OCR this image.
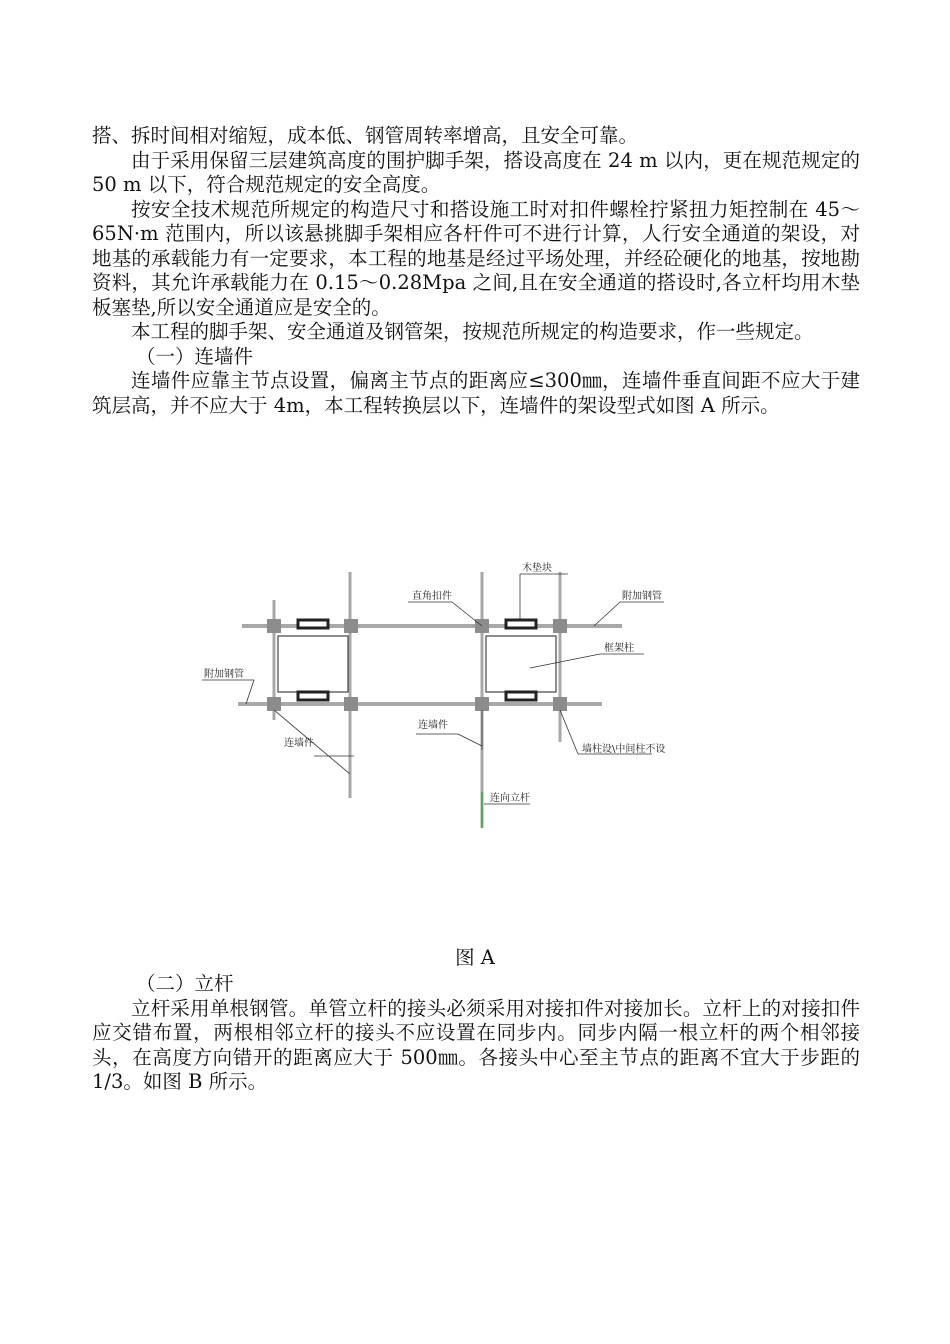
搭、拆时间相对缩短，成本低、钢管周转率增高，且安全可靠。

由于采用保留三层建筑高度的围护脚手架，搭设高度在 24 m 以内，更在规范规定的 50 m 以下，符合规范规定的安全高度。

按安全技术规范所规定的构造尺寸和搭设施工时对扣件螺栓拧紧扭力矩控制在 45～65N·m 范围内，所以该悬挑脚手架相应各杆件可不进行计算，人行安全通道的架设，对地基的承载能力有一定要求，本工程的地基是经过平场处理，并经砼硬化的地基，按地勘资料，其允许承载能力在 0.15～0.28Mpa 之间,且在安全通道的搭设时,各立杆均用木垫板塞垫,所以安全通道应是安全的。

本工程的脚手架、安全通道及钢管架，按规范所规定的构造要求，作一些规定。

（一）连墙件

连墙件应靠主节点设置，偏离主节点的距离应≤300㎜，连墙件垂直间距不应大于建筑层高，并不应大于 4m，本工程转换层以下，连墙件的架设型式如图 A 所示。

木垫块
直角扣件	附加钢管
框架柱
附加钢管
连墙件
连墙件
墙柱设\中间柱不设
连向立杆
图 A

（二）立杆

立杆采用单根钢管。单管立杆的接头必须采用对接扣件对接加长。立杆上的对接扣件应交错布置，两根相邻立杆的接头不应设置在同步内。同步内隔一根立杆的两个相邻接头，在高度方向错开的距离应大于 500㎜。各接头中心至主节点的距离不宜大于步距的 1/3。如图 B 所示。
